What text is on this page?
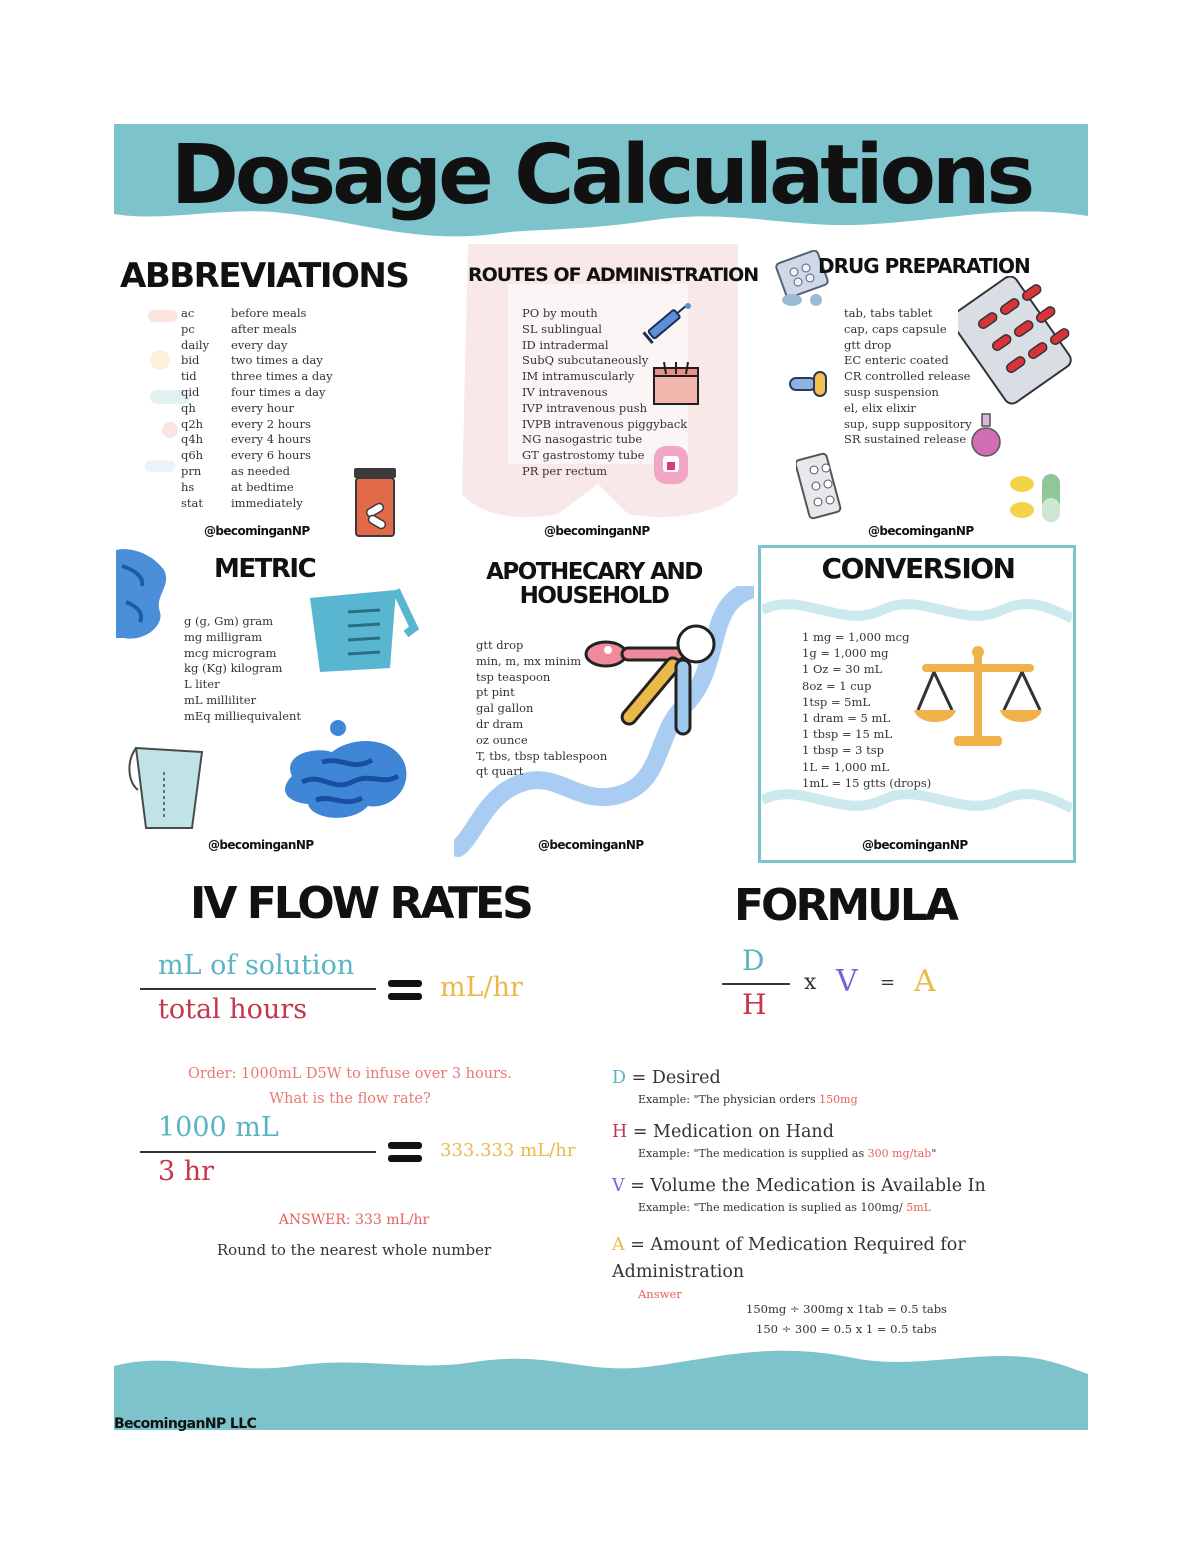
Dosage Calculations
ABBREVIATIONS
ac	before meals
pc	after meals
daily	every day
bid	two times a day
tid	three times a day
qid	four times a day
qh	every hour
q2h	every 2 hours
q4h	every 4 hours
q6h	every 6 hours
prn	as needed
hs	at bedtime
stat	immediately
@becominganNP
ROUTES OF ADMINISTRATION
PO by mouth
SL sublingual
ID intradermal
SubQ subcutaneously
IM intramuscularly
IV intravenous
IVP intravenous push
IVPB intravenous piggyback
NG nasogastric tube
GT gastrostomy tube
PR per rectum
@becominganNP
DRUG PREPARATION
tab, tabs tablet
cap, caps capsule
gtt drop
EC enteric coated
CR controlled release
susp suspension
el, elix elixir
sup, supp suppository
SR sustained release
@becominganNP
METRIC
g (g, Gm) gram
mg milligram
mcg microgram
kg (Kg) kilogram
L liter
mL milliliter
mEq milliequivalent
@becominganNP
APOTHECARY AND
HOUSEHOLD
gtt drop
min, m, mx minim
tsp teaspoon
pt pint
gal gallon
dr dram
oz ounce
T, tbs, tbsp tablespoon
qt quart
@becominganNP
CONVERSION
1 mg = 1,000 mcg
1g = 1,000 mg
1 Oz = 30 mL
8oz = 1 cup
1tsp = 5mL
1 dram = 5 mL
1 tbsp = 15 mL
1 tbsp = 3 tsp
1L = 1,000 mL
1mL = 15 gtts (drops)
@becominganNP
IV FLOW RATES
mL of solution
total hours
mL/hr
Order: 1000mL D5W to infuse over 3 hours.
What is the flow rate?
1000 mL
3 hr
333.333 mL/hr
ANSWER: 333 mL/hr
Round to the nearest whole number
FORMULA
D
H
x V = A
D = Desired
Example: "The physician orders 150mg
H = Medication on Hand
Example: "The medication is supplied as 300 mg/tab"
V = Volume the Medication is Available In
Example: "The medication is suplied as 100mg/ 5mL
A = Amount of Medication Required for
Administration
Answer
150mg ÷ 300mg x 1tab = 0.5 tabs
150 ÷ 300 = 0.5 x 1 = 0.5 tabs
BecominganNP LLC
